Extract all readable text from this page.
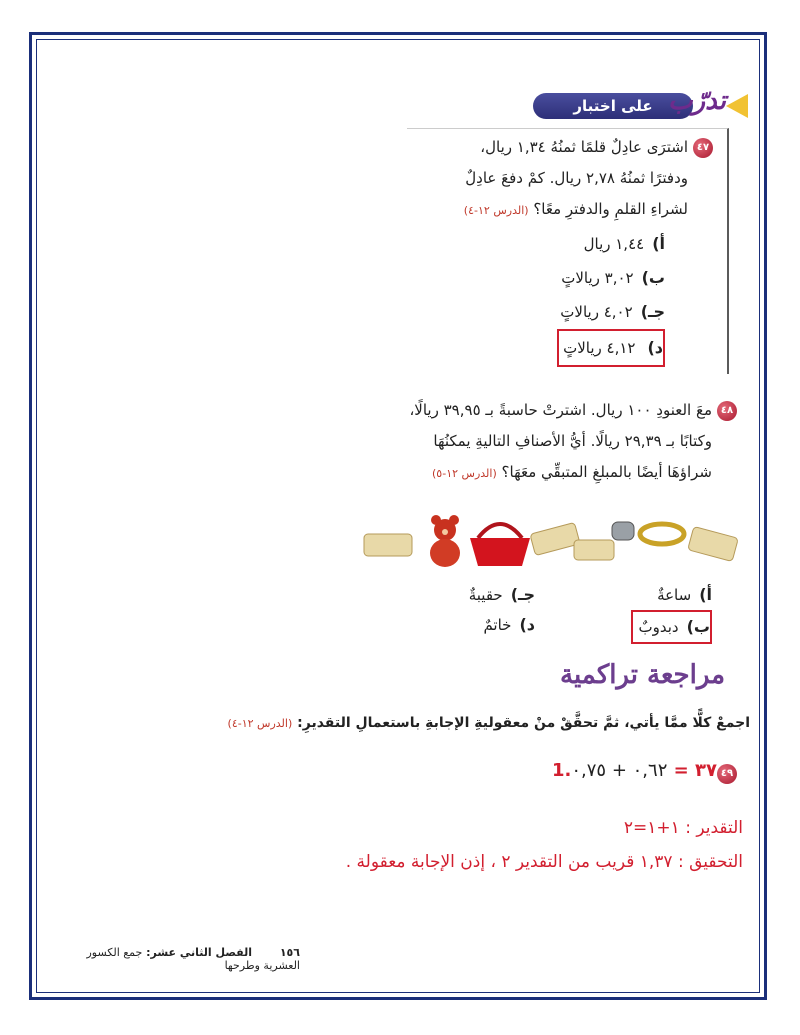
على اختبار تدرّب
٤٧
اشترَى عادِلٌ قلمًا ثمنُهُ ١,٣٤ ريال،
ودفترًا ثمنُهُ ٢,٧٨ ريال. كمْ دفعَ عادِلٌ
لشراءِ القلمِ والدفترِ معًا؟ (الدرس ١٢-٤)
أ)١,٤٤ ريال
ب)٣,٠٢ ريالاتٍ
جـ)٤,٠٢ ريالاتٍ
د)٤,١٢ ريالاتٍ
٤٨
معَ العنودِ ١٠٠ ريال. اشترتْ حاسبةً بـ ٣٩,٩٥ ريالًا،
وكتابًا بـ ٢٩,٣٩ ريالًا. أيُّ الأصنافِ التاليةِ يمكنُهَا
شراؤهَا أيضًا بالمبلغِ المتبقِّي معَهَا؟ (الدرس ١٢-٥)
أ)ساعةٌ
ب)دبدوبٌ
جـ)حقيبةٌ
د)خاتمٌ
مراجعة تراكمية
اجمعْ كلًّا ممَّا يأتي، ثمَّ تحقَّقْ منْ معقوليةِ الإجابةِ باستعمالِ التقديرِ: (الدرس ١٢-٤)
٤٩
1.٣٧ = ٠,٦٢ + ٠,٧٥
التقدير : ١+١=٢
التحقيق : ١,٣٧ قريب من التقدير ٢ ، إذن الإجابة معقولة .
١٥٦ الفصل الثاني عشر: جمع الكسور العشرية وطرحها
